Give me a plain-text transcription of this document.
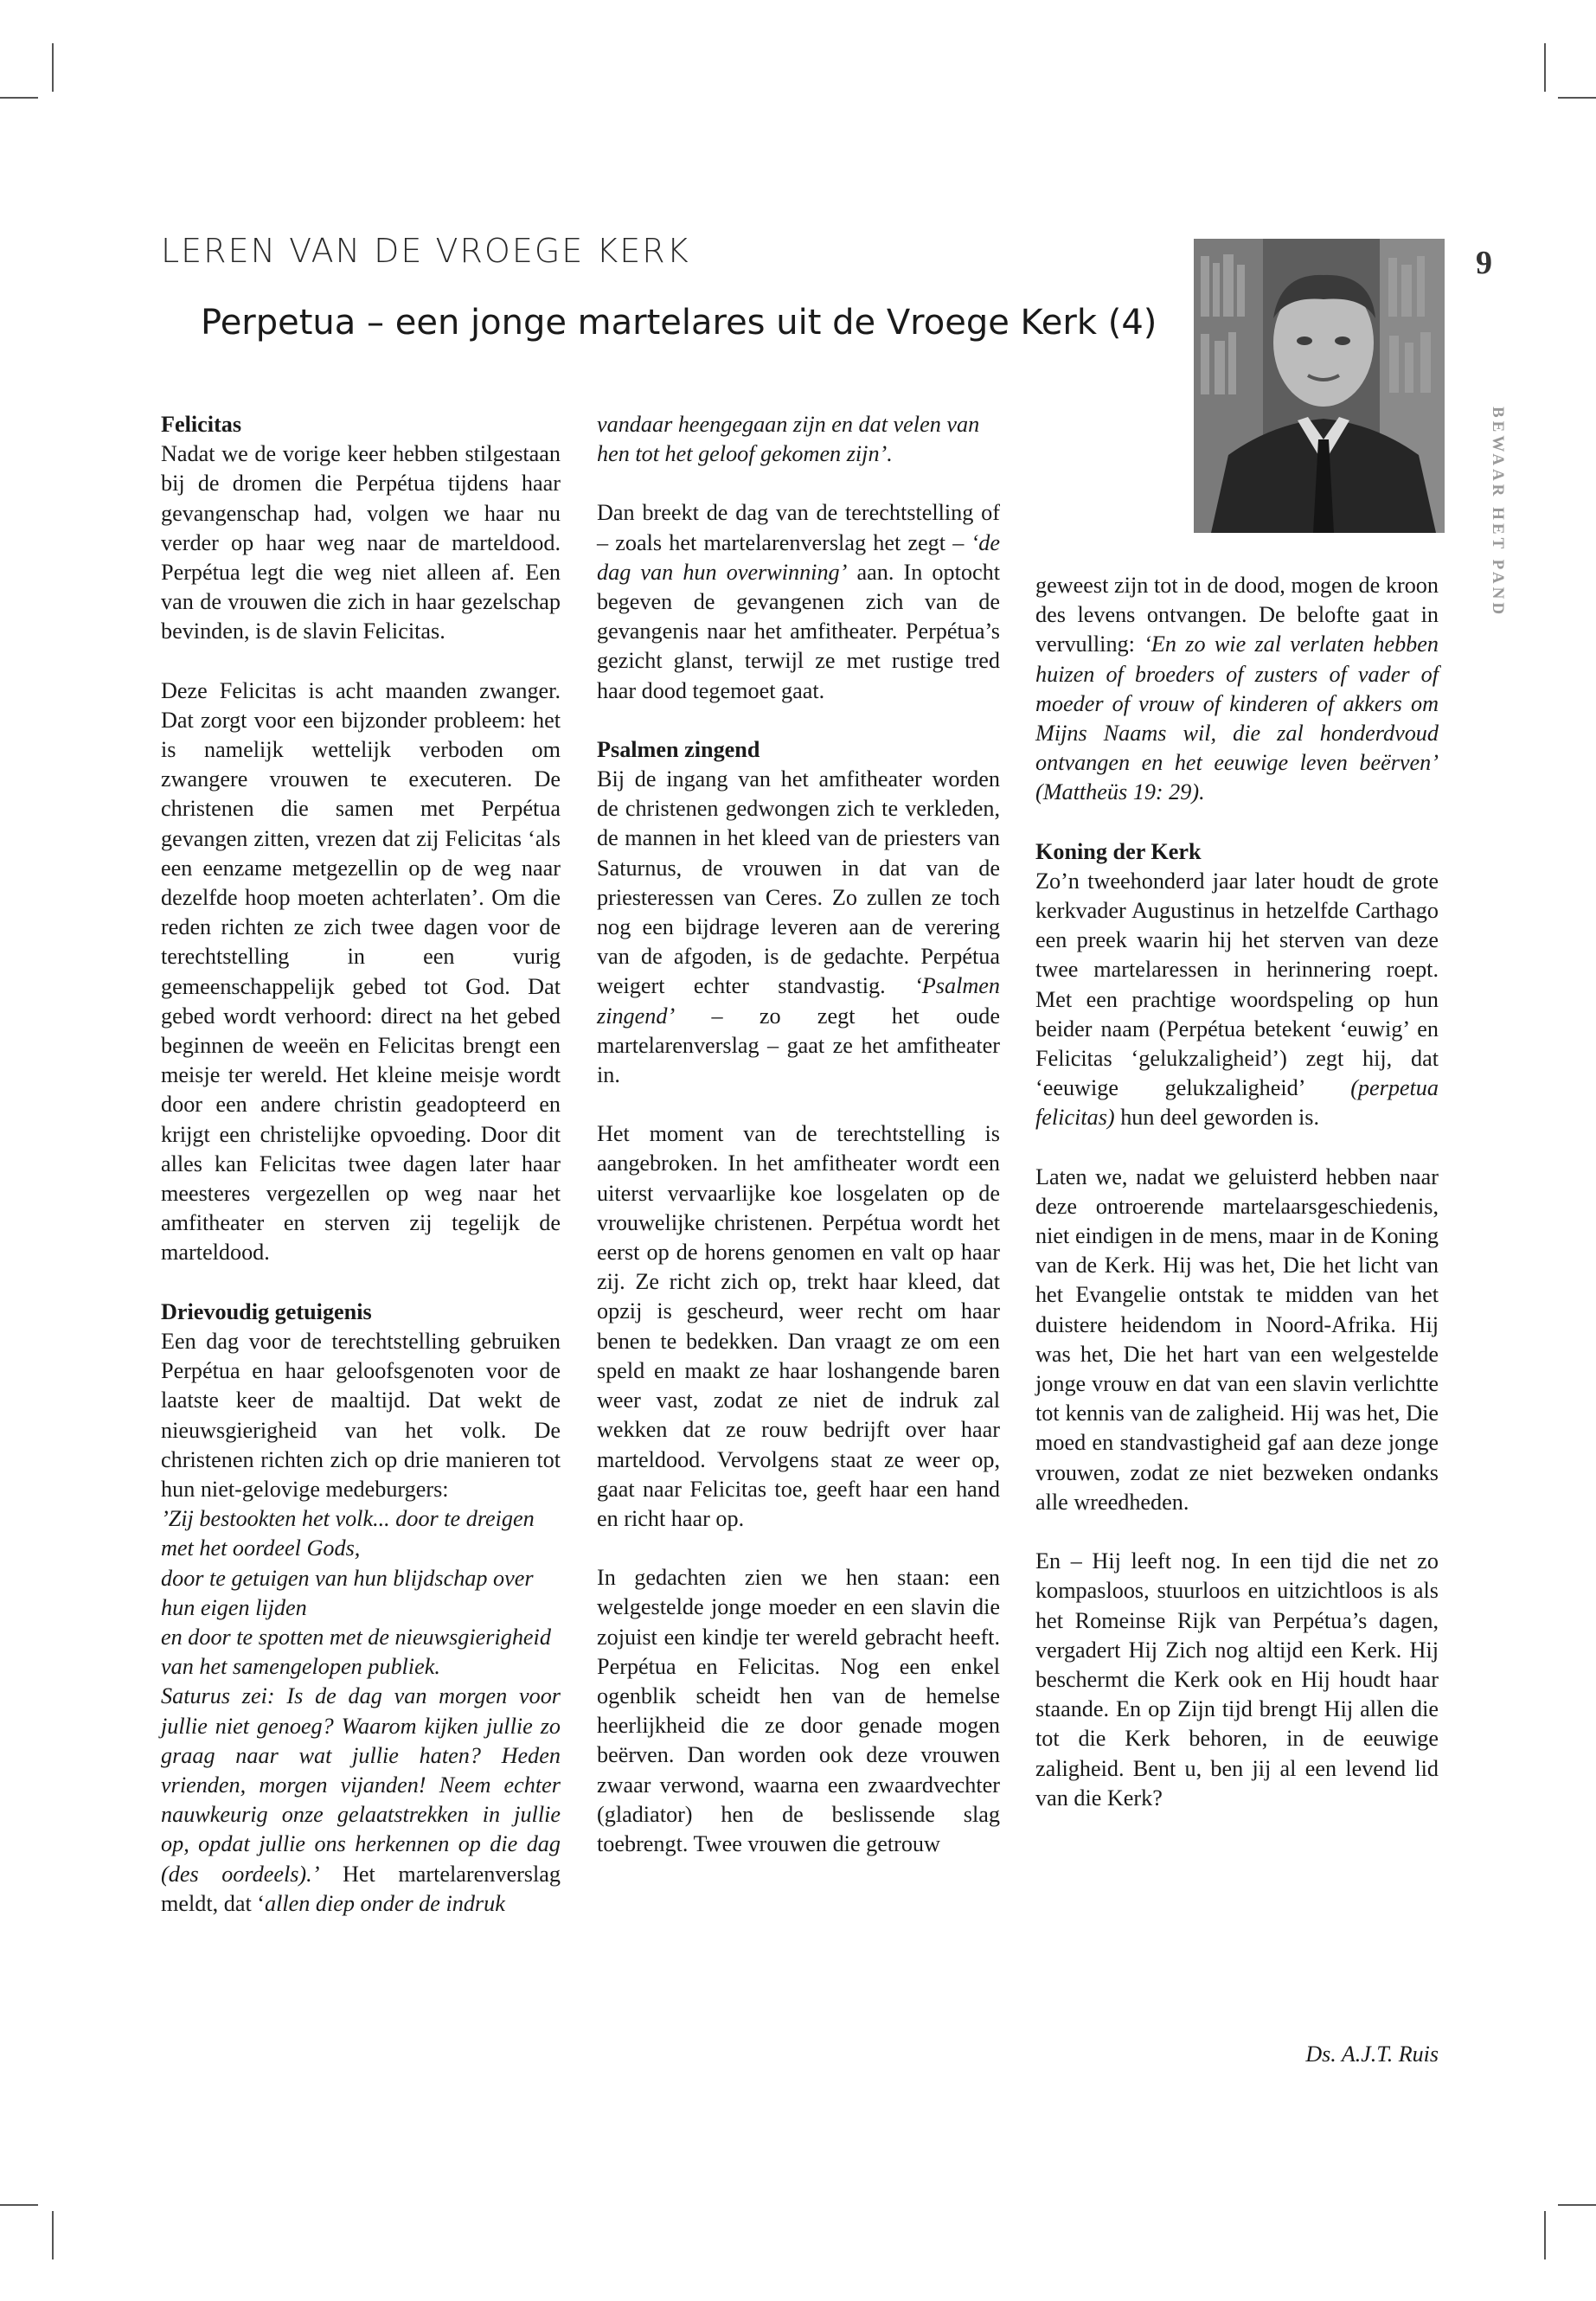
LEREN VAN DE VROEGE KERK
Perpetua – een jonge martelares uit de Vroege Kerk (4)
9
BEWAAR HET PAND
Felicitas

Nadat we de vorige keer hebben stilgestaan bij de dromen die Perpétua tijdens haar gevangenschap had, volgen we haar nu verder op haar weg naar de marteldood. Perpétua legt die weg niet alleen af. Een van de vrouwen die zich in haar gezelschap bevinden, is de slavin Felicitas.

Deze Felicitas is acht maanden zwanger. Dat zorgt voor een bijzonder probleem: het is namelijk wettelijk verboden om zwangere vrouwen te executeren. De christenen die samen met Perpétua gevangen zitten, vrezen dat zij Felicitas ‘als een eenzame metgezellin op de weg naar dezelfde hoop moeten achterlaten’. Om die reden richten ze zich twee dagen voor de terechtstelling in een vurig gemeenschappelijk gebed tot God. Dat gebed wordt verhoord: direct na het gebed beginnen de weeën en Felicitas brengt een meisje ter wereld. Het kleine meisje wordt door een andere christin geadopteerd en krijgt een christelijke opvoeding. Door dit alles kan Felicitas twee dagen later haar meesteres vergezellen op weg naar het amfitheater en sterven zij tegelijk de marteldood.

Drievoudig getuigenis

Een dag voor de terechtstelling gebruiken Perpétua en haar geloofsgenoten voor de laatste keer de maaltijd. Dat wekt de nieuwsgierigheid van het volk. De christenen richten zich op drie manieren tot hun niet-gelovige medeburgers:

’Zij bestookten het volk... door te dreigen met het oordeel Gods,

door te getuigen van hun blijdschap over hun eigen lijden

en door te spotten met de nieuwsgierigheid van het samengelopen publiek.

Saturus zei: Is de dag van morgen voor jullie niet genoeg? Waarom kijken jullie zo graag naar wat jullie haten? Heden vrienden, morgen vijanden! Neem echter nauwkeurig onze gelaatstrekken in jullie op, opdat jullie ons herkennen op die dag (des oordeels).’ Het martelarenverslag meldt, dat ‘allen diep onder de indruk

vandaar heengegaan zijn en dat velen van hen tot het geloof gekomen zijn’.

Dan breekt de dag van de terechtstelling of – zoals het martelarenverslag het zegt – ‘de dag van hun overwinning’ aan. In optocht begeven de gevangenen zich van de gevangenis naar het amfitheater. Perpétua’s gezicht glanst, terwijl ze met rustige tred haar dood tegemoet gaat.

Psalmen zingend

Bij de ingang van het amfitheater worden de christenen gedwongen zich te verkleden, de mannen in het kleed van de priesters van Saturnus, de vrouwen in dat van de priesteressen van Ceres. Zo zullen ze toch nog een bijdrage leveren aan de verering van de afgoden, is de gedachte. Perpétua weigert echter standvastig. ‘Psalmen zingend’ – zo zegt het oude martelarenverslag – gaat ze het amfitheater in.

Het moment van de terechtstelling is aangebroken. In het amfitheater wordt een uiterst vervaarlijke koe losgelaten op de vrouwelijke christenen. Perpétua wordt het eerst op de horens genomen en valt op haar zij. Ze richt zich op, trekt haar kleed, dat opzij is gescheurd, weer recht om haar benen te bedekken. Dan vraagt ze om een speld en maakt ze haar loshangende baren weer vast, zodat ze niet de indruk zal wekken dat ze rouw bedrijft over haar marteldood. Vervolgens staat ze weer op, gaat naar Felicitas toe, geeft haar een hand en richt haar op.

In gedachten zien we hen staan: een welgestelde jonge moeder en een slavin die zojuist een kindje ter wereld gebracht heeft. Perpétua en Felicitas. Nog een enkel ogenblik scheidt hen van de hemelse heerlijkheid die ze door genade mogen beërven. Dan worden ook deze vrouwen zwaar verwond, waarna een zwaardvechter (gladiator) hen de beslissende slag toebrengt. Twee vrouwen die getrouw

geweest zijn tot in de dood, mogen de kroon des levens ontvangen. De belofte gaat in vervulling: ‘En zo wie zal verlaten hebben huizen of broeders of zusters of vader of moeder of vrouw of kinderen of akkers om Mijns Naams wil, die zal honderdvoud ontvangen en het eeuwige leven beërven’ (Mattheüs 19: 29).

Koning der Kerk

Zo’n tweehonderd jaar later houdt de grote kerkvader Augustinus in hetzelfde Carthago een preek waarin hij het sterven van deze twee martelaressen in herinnering roept. Met een prachtige woordspeling op hun beider naam (Perpétua betekent ‘euwig’ en Felicitas ‘gelukzaligheid’) zegt hij, dat ‘eeuwige gelukzaligheid’ (perpetua felicitas) hun deel geworden is.

Laten we, nadat we geluisterd hebben naar deze ontroerende martelaarsgeschiedenis, niet eindigen in de mens, maar in de Koning van de Kerk. Hij was het, Die het licht van het Evangelie ontstak te midden van het duistere heidendom in Noord-Afrika. Hij was het, Die het hart van een welgestelde jonge vrouw en dat van een slavin verlichtte tot kennis van de zaligheid. Hij was het, Die moed en standvastigheid gaf aan deze jonge vrouwen, zodat ze niet bezweken ondanks alle wreedheden.

En – Hij leeft nog. In een tijd die net zo kompasloos, stuurloos en uitzichtloos is als het Romeinse Rijk van Perpétua’s dagen, vergadert Hij Zich nog altijd een Kerk. Hij beschermt die Kerk ook en Hij houdt haar staande. En op Zijn tijd brengt Hij allen die tot die Kerk behoren, in de eeuwige zaligheid. Bent u, ben jij al een levend lid van die Kerk?

Ds. A.J.T. Ruis
